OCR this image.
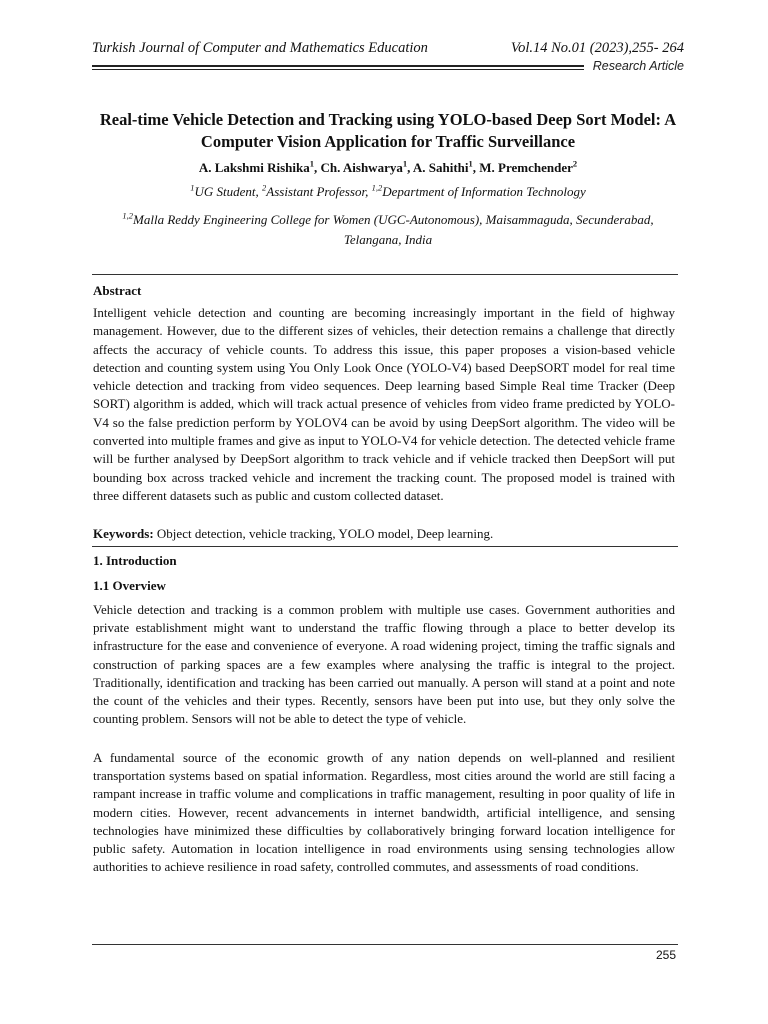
Turkish Journal of Computer and Mathematics Education	Vol.14 No.01 (2023),255- 264
Research Article
Real-time Vehicle Detection and Tracking using YOLO-based Deep Sort Model: A Computer Vision Application for Traffic Surveillance
A. Lakshmi Rishika$^1$, Ch. Aishwarya$^1$, A. Sahithi$^1$, M. Premchender$^2$
$^1$UG Student, $^2$Assistant Professor, $^{1,2}$Department of Information Technology
$^{1,2}$Malla Reddy Engineering College for Women (UGC-Autonomous), Maisammaguda, Secunderabad, Telangana, India
Abstract
Intelligent vehicle detection and counting are becoming increasingly important in the field of highway management. However, due to the different sizes of vehicles, their detection remains a challenge that directly affects the accuracy of vehicle counts. To address this issue, this paper proposes a vision-based vehicle detection and counting system using You Only Look Once (YOLO-V4) based DeepSORT model for real time vehicle detection and tracking from video sequences. Deep learning based Simple Real time Tracker (Deep SORT) algorithm is added, which will track actual presence of vehicles from video frame predicted by YOLO-V4 so the false prediction perform by YOLOV4 can be avoid by using DeepSort algorithm. The video will be converted into multiple frames and give as input to YOLO-V4 for vehicle detection. The detected vehicle frame will be further analysed by DeepSort algorithm to track vehicle and if vehicle tracked then DeepSort will put bounding box across tracked vehicle and increment the tracking count. The proposed model is trained with three different datasets such as public and custom collected dataset.
Keywords: Object detection, vehicle tracking, YOLO model, Deep learning.
1. Introduction
1.1 Overview
Vehicle detection and tracking is a common problem with multiple use cases. Government authorities and private establishment might want to understand the traffic flowing through a place to better develop its infrastructure for the ease and convenience of everyone. A road widening project, timing the traffic signals and construction of parking spaces are a few examples where analysing the traffic is integral to the project. Traditionally, identification and tracking has been carried out manually. A person will stand at a point and note the count of the vehicles and their types. Recently, sensors have been put into use, but they only solve the counting problem. Sensors will not be able to detect the type of vehicle.
A fundamental source of the economic growth of any nation depends on well-planned and resilient transportation systems based on spatial information. Regardless, most cities around the world are still facing a rampant increase in traffic volume and complications in traffic management, resulting in poor quality of life in modern cities. However, recent advancements in internet bandwidth, artificial intelligence, and sensing technologies have minimized these difficulties by collaboratively bringing forward location intelligence for public safety. Automation in location intelligence in road environments using sensing technologies allow authorities to achieve resilience in road safety, controlled commutes, and assessments of road conditions.
255
